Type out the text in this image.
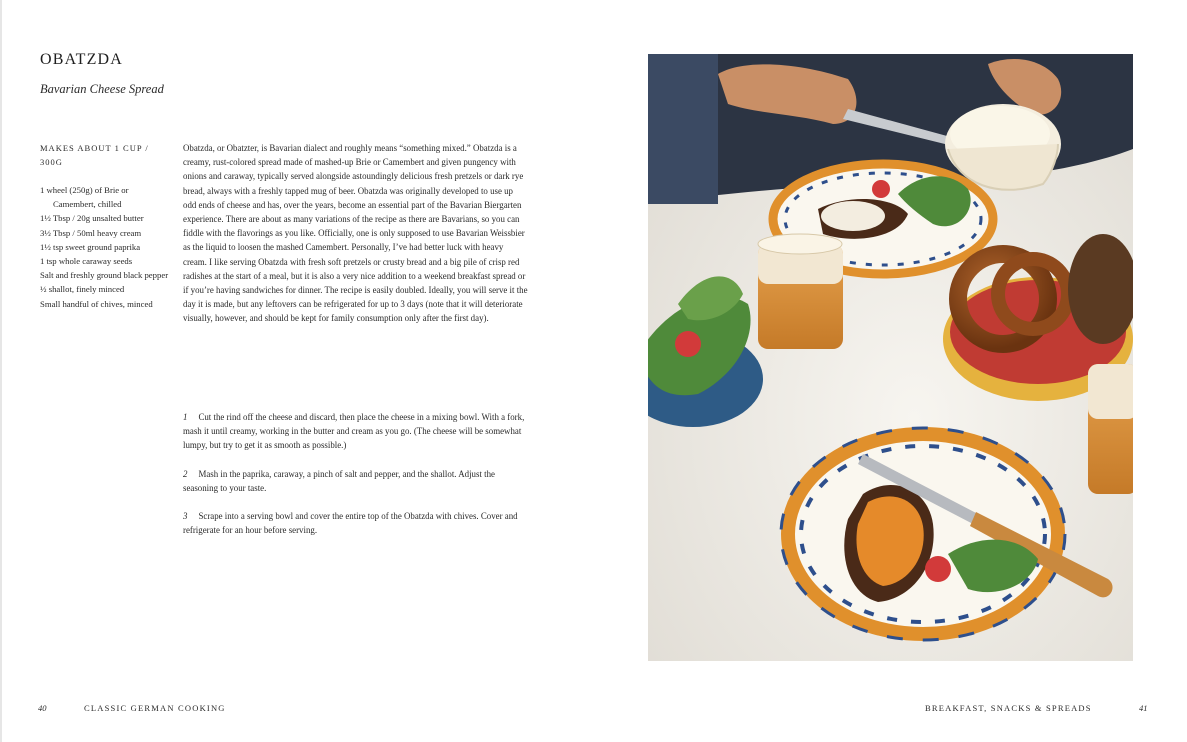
OBATZDA
Bavarian Cheese Spread
MAKES ABOUT 1 CUP / 300G
1 wheel (250g) of Brie or Camembert, chilled
1½ Tbsp / 20g unsalted butter
3½ Tbsp / 50ml heavy cream
1½ tsp sweet ground paprika
1 tsp whole caraway seeds
Salt and freshly ground black pepper
½ shallot, finely minced
Small handful of chives, minced

Obatzda, or Obatzter, is Bavarian dialect and roughly means “something mixed.” Obatzda is a creamy, rust-colored spread made of mashed-up Brie or Camembert and given pungency with onions and caraway, typically served alongside astoundingly delicious fresh pretzels or dark rye bread, always with a freshly tapped mug of beer. Obatzda was originally developed to use up odd ends of cheese and has, over the years, become an essential part of the Bavarian Biergarten experience. There are about as many variations of the recipe as there are Bavarians, so you can fiddle with the flavorings as you like. Officially, one is only supposed to use Bavarian Weissbier as the liquid to loosen the mashed Camembert. Personally, I’ve had better luck with heavy cream. I like serving Obatzda with fresh soft pretzels or crusty bread and a big pile of crisp red radishes at the start of a meal, but it is also a very nice addition to a weekend breakfast spread or if you’re having sandwiches for dinner. The recipe is easily doubled. Ideally, you will serve it the day it is made, but any leftovers can be refrigerated for up to 3 days (note that it will deteriorate visually, however, and should be kept for family consumption only after the first day).

1 Cut the rind off the cheese and discard, then place the cheese in a mixing bowl. With a fork, mash it until creamy, working in the butter and cream as you go. (The cheese will be somewhat lumpy, but try to get it as smooth as possible.)
2 Mash in the paprika, caraway, a pinch of salt and pepper, and the shallot. Adjust the seasoning to your taste.
3 Scrape into a serving bowl and cover the entire top of the Obatzda with chives. Cover and refrigerate for an hour before serving.
40	CLASSIC GERMAN COOKING	BREAKFAST, SNACKS & SPREADS	41
